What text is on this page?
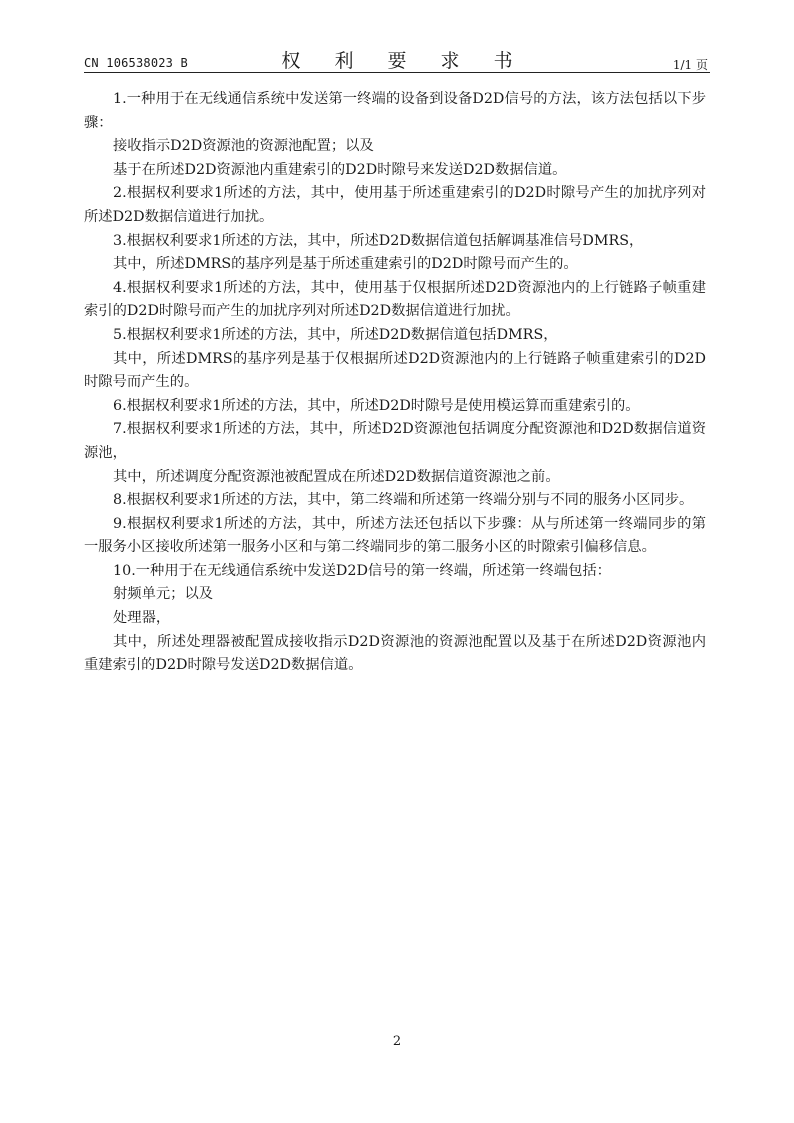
CN 106538023 B	权 利 要 求 书	1/1 页

1.一种用于在无线通信系统中发送第一终端的设备到设备D2D信号的方法，该方法包括以下步骤：

接收指示D2D资源池的资源池配置；以及

基于在所述D2D资源池内重建索引的D2D时隙号来发送D2D数据信道。

2.根据权利要求1所述的方法，其中，使用基于所述重建索引的D2D时隙号产生的加扰序列对所述D2D数据信道进行加扰。

3.根据权利要求1所述的方法，其中，所述D2D数据信道包括解调基准信号DMRS，

其中，所述DMRS的基序列是基于所述重建索引的D2D时隙号而产生的。

4.根据权利要求1所述的方法，其中，使用基于仅根据所述D2D资源池内的上行链路子帧重建索引的D2D时隙号而产生的加扰序列对所述D2D数据信道进行加扰。

5.根据权利要求1所述的方法，其中，所述D2D数据信道包括DMRS，

其中，所述DMRS的基序列是基于仅根据所述D2D资源池内的上行链路子帧重建索引的D2D时隙号而产生的。

6.根据权利要求1所述的方法，其中，所述D2D时隙号是使用模运算而重建索引的。

7.根据权利要求1所述的方法，其中，所述D2D资源池包括调度分配资源池和D2D数据信道资源池，

其中，所述调度分配资源池被配置成在所述D2D数据信道资源池之前。

8.根据权利要求1所述的方法，其中，第二终端和所述第一终端分别与不同的服务小区同步。

9.根据权利要求1所述的方法，其中，所述方法还包括以下步骤：从与所述第一终端同步的第一服务小区接收所述第一服务小区和与第二终端同步的第二服务小区的时隙索引偏移信息。

10.一种用于在无线通信系统中发送D2D信号的第一终端，所述第一终端包括：

射频单元；以及

处理器，

其中，所述处理器被配置成接收指示D2D资源池的资源池配置以及基于在所述D2D资源池内重建索引的D2D时隙号发送D2D数据信道。

2
